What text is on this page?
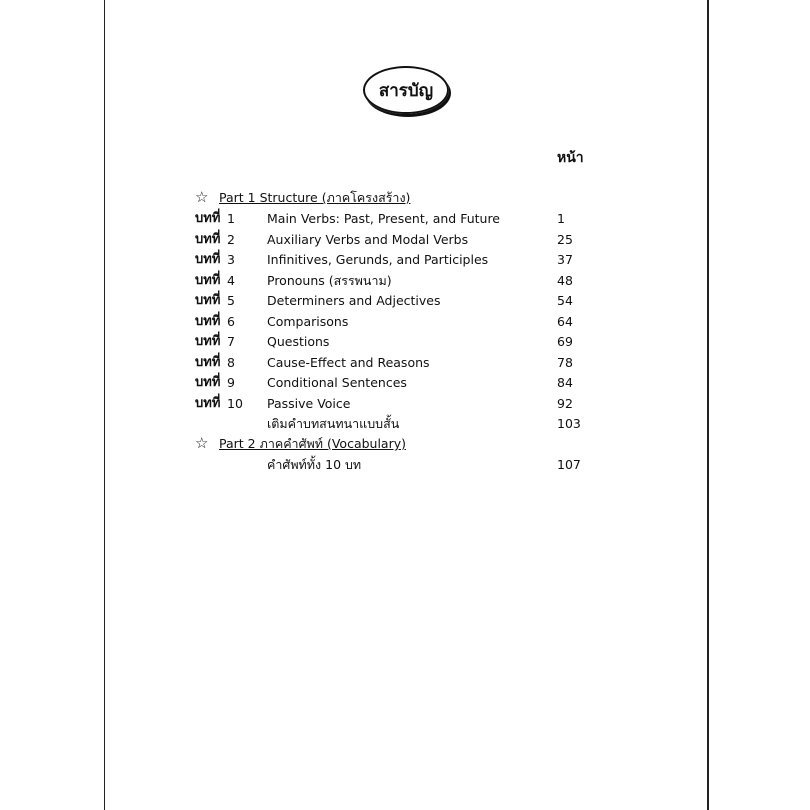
สารบัญ
หน้า
☆ Part 1 Structure (ภาคโครงสร้าง)
บทที่ 1	Main Verbs: Past, Present, and Future	1
บทที่ 2	Auxiliary Verbs and Modal Verbs	25
บทที่ 3	Infinitives, Gerunds, and Participles	37
บทที่ 4	Pronouns (สรรพนาม)	48
บทที่ 5	Determiners and Adjectives	54
บทที่ 6	Comparisons	64
บทที่ 7	Questions	69
บทที่ 8	Cause-Effect and Reasons	78
บทที่ 9	Conditional Sentences	84
บทที่ 10 Passive Voice	92
เติมคำบทสนทนาแบบสั้น	103
☆ Part 2 ภาคคำศัพท์ (Vocabulary)
คำศัพท์ทั้ง 10 บท	107
